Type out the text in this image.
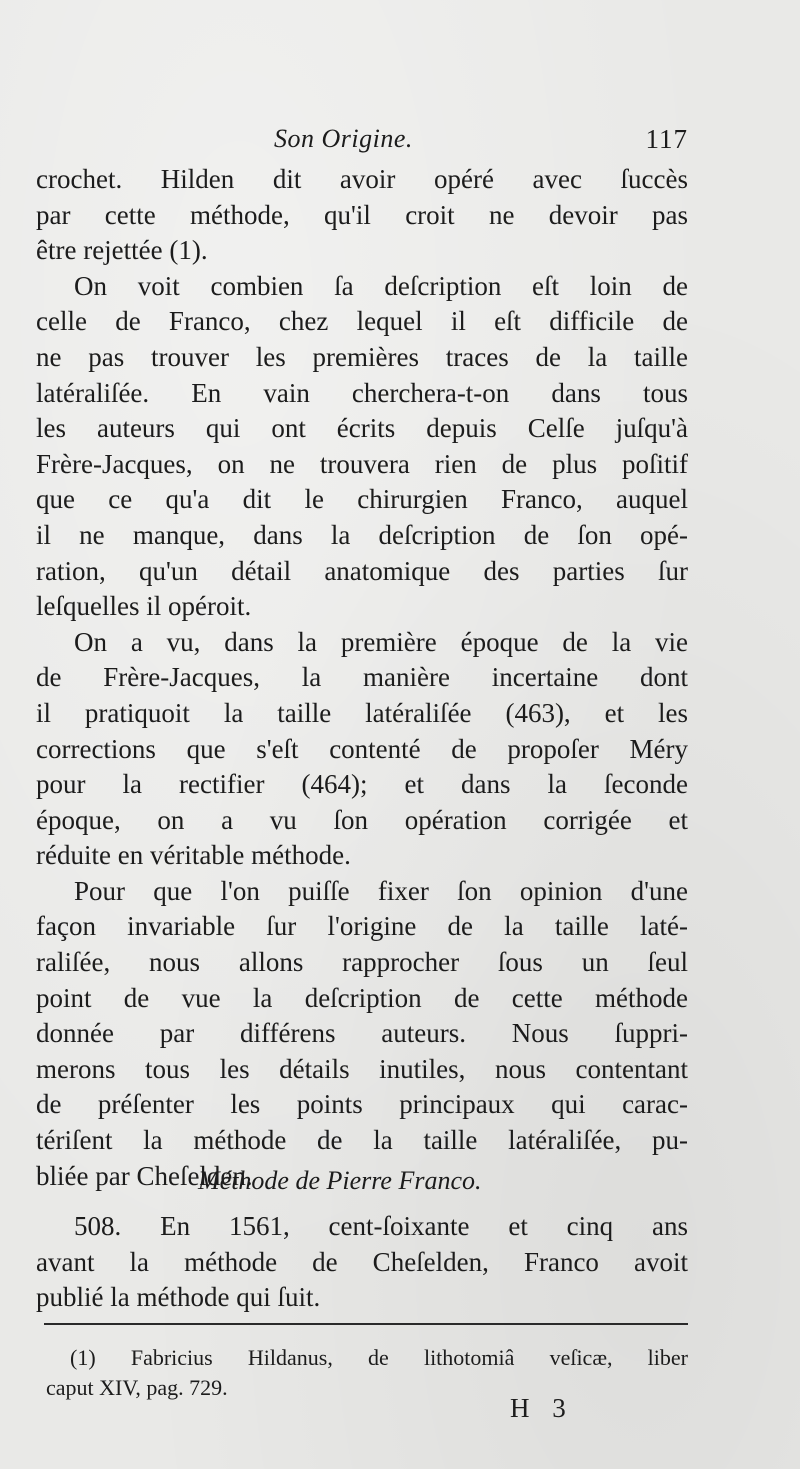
Son Origine.	117
crochet. Hilden dit avoir opéré avec ſuccès
par cette méthode, qu'il croit ne devoir pas
être rejettée (1).
On voit combien ſa deſcription eſt loin de
celle de Franco, chez lequel il eſt difficile de
ne pas trouver les premières traces de la taille
latéraliſée. En vain cherchera-t-on dans tous
les auteurs qui ont écrits depuis Celſe juſqu'à
Frère-Jacques, on ne trouvera rien de plus poſitif
que ce qu'a dit le chirurgien Franco, auquel
il ne manque, dans la deſcription de ſon opé-
ration, qu'un détail anatomique des parties ſur
leſquelles il opéroit.
On a vu, dans la première époque de la vie
de Frère-Jacques, la manière incertaine dont
il pratiquoit la taille latéraliſée (463), et les
corrections que s'eſt contenté de propoſer Méry
pour la rectifier (464); et dans la ſeconde
époque, on a vu ſon opération corrigée et
réduite en véritable méthode.
Pour que l'on puiſſe fixer ſon opinion d'une
façon invariable ſur l'origine de la taille laté-
raliſée, nous allons rapprocher ſous un ſeul
point de vue la deſcription de cette méthode
donnée par différens auteurs. Nous ſuppri-
merons tous les détails inutiles, nous contentant
de préſenter les points principaux qui carac-
tériſent la méthode de la taille latéraliſée, pu-
bliée par Cheſelden.
Méthode de Pierre Franco.
508. En 1561, cent-ſoixante et cinq ans
avant la méthode de Cheſelden, Franco avoit
publié la méthode qui ſuit.
(1) Fabricius Hildanus, de lithotomiâ veſicæ, liber
caput XIV, pag. 729.
H 3
